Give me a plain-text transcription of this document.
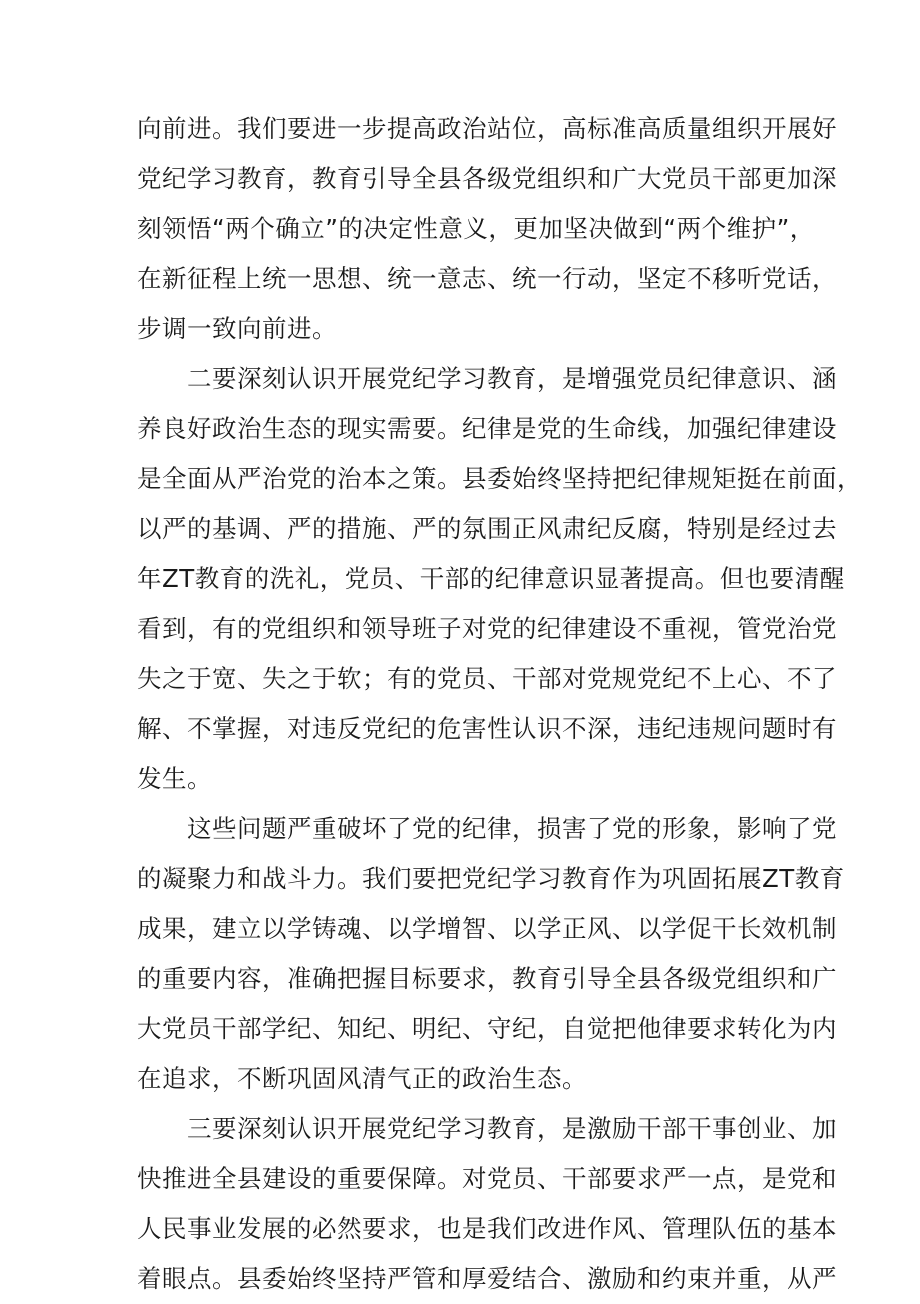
向前进。我们要进一步提高政治站位，高标准高质量组织开展好
党纪学习教育，教育引导全县各级党组织和广大党员干部更加深
刻领悟“两个确立”的决定性意义，更加坚决做到“两个维护”，
在新征程上统一思想、统一意志、统一行动，坚定不移听党话，
步调一致向前进。
二要深刻认识开展党纪学习教育，是增强党员纪律意识、涵
养良好政治生态的现实需要。纪律是党的生命线，加强纪律建设
是全面从严治党的治本之策。县委始终坚持把纪律规矩挺在前面，
以严的基调、严的措施、严的氛围正风肃纪反腐，特别是经过去
年ZT教育的洗礼，党员、干部的纪律意识显著提高。但也要清醒
看到，有的党组织和领导班子对党的纪律建设不重视，管党治党
失之于宽、失之于软；有的党员、干部对党规党纪不上心、不了
解、不掌握，对违反党纪的危害性认识不深，违纪违规问题时有
发生。
这些问题严重破坏了党的纪律，损害了党的形象，影响了党
的凝聚力和战斗力。我们要把党纪学习教育作为巩固拓展ZT教育
成果，建立以学铸魂、以学增智、以学正风、以学促干长效机制
的重要内容，准确把握目标要求，教育引导全县各级党组织和广
大党员干部学纪、知纪、明纪、守纪，自觉把他律要求转化为内
在追求，不断巩固风清气正的政治生态。
三要深刻认识开展党纪学习教育，是激励干部干事创业、加
快推进全县建设的重要保障。对党员、干部要求严一点，是党和
人民事业发展的必然要求，也是我们改进作风、管理队伍的基本
着眼点。县委始终坚持严管和厚爱结合、激励和约束并重，从严
